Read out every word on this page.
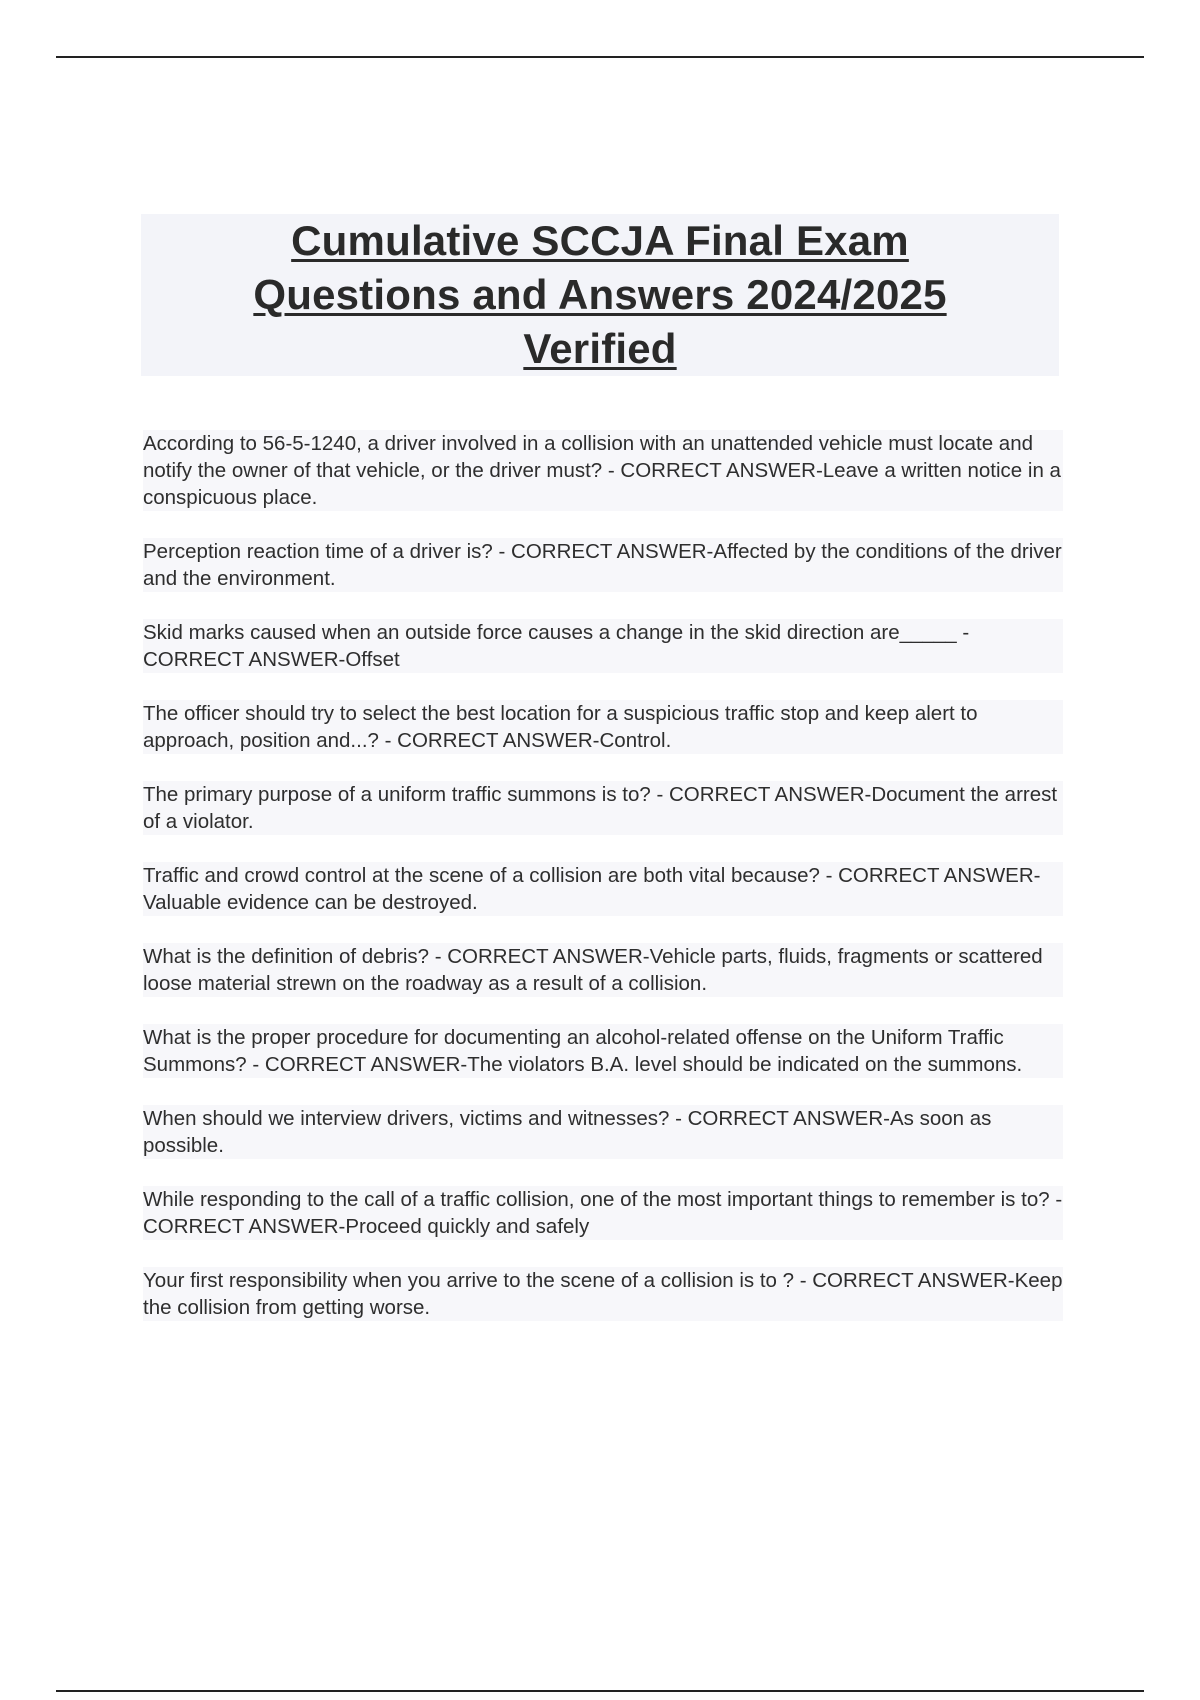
Cumulative SCCJA Final Exam
Questions and Answers 2024/2025
Verified
According to 56-5-1240, a driver involved in a collision with an unattended vehicle must locate and notify the owner of that vehicle, or the driver must? - CORRECT ANSWER-Leave a written notice in a conspicuous place.
Perception reaction time of a driver is? - CORRECT ANSWER-Affected by the conditions of the driver and the environment.
Skid marks caused when an outside force causes a change in the skid direction are_____ - CORRECT ANSWER-Offset
The officer should try to select the best location for a suspicious traffic stop and keep alert to approach, position and...? - CORRECT ANSWER-Control.
The primary purpose of a uniform traffic summons is to? - CORRECT ANSWER-Document the arrest of a violator.
Traffic and crowd control at the scene of a collision are both vital because? - CORRECT ANSWER-Valuable evidence can be destroyed.
What is the definition of debris? - CORRECT ANSWER-Vehicle parts, fluids, fragments or scattered loose material strewn on the roadway as a result of a collision.
What is the proper procedure for documenting an alcohol-related offense on the Uniform Traffic Summons? - CORRECT ANSWER-The violators B.A. level should be indicated on the summons.
When should we interview drivers, victims and witnesses? - CORRECT ANSWER-As soon as possible.
While responding to the call of a traffic collision, one of the most important things to remember is to? - CORRECT ANSWER-Proceed quickly and safely
Your first responsibility when you arrive to the scene of a collision is to ? - CORRECT ANSWER-Keep the collision from getting worse.
